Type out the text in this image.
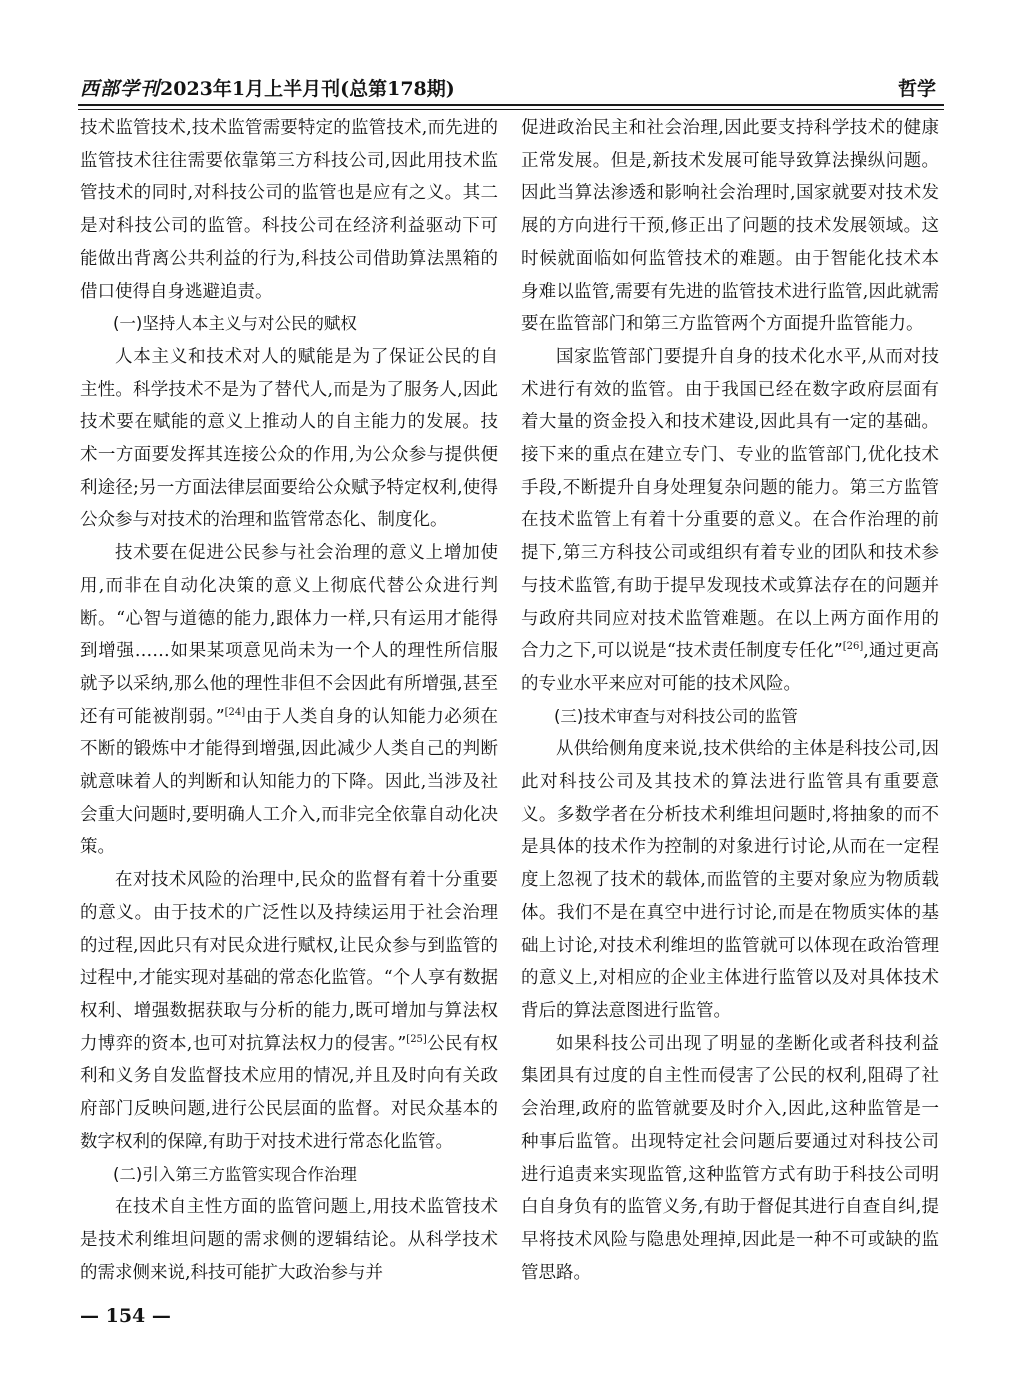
西部学刊2023年1月上半月刊(总第178期)	哲学

技术监管技术,技术监管需要特定的监管技术,而先进的监管技术往往需要依靠第三方科技公司,因此用技术监管技术的同时,对科技公司的监管也是应有之义。其二是对科技公司的监管。科技公司在经济利益驱动下可能做出背离公共利益的行为,科技公司借助算法黑箱的借口使得自身逃避追责。

(一)坚持人本主义与对公民的赋权

人本主义和技术对人的赋能是为了保证公民的自主性。科学技术不是为了替代人,而是为了服务人,因此技术要在赋能的意义上推动人的自主能力的发展。技术一方面要发挥其连接公众的作用,为公众参与提供便利途径;另一方面法律层面要给公众赋予特定权利,使得公众参与对技术的治理和监管常态化、制度化。

技术要在促进公民参与社会治理的意义上增加使用,而非在自动化决策的意义上彻底代替公众进行判断。“心智与道德的能力,跟体力一样,只有运用才能得到增强……如果某项意见尚未为一个人的理性所信服就予以采纳,那么他的理性非但不会因此有所增强,甚至还有可能被削弱。”[24]由于人类自身的认知能力必须在不断的锻炼中才能得到增强,因此减少人类自己的判断就意味着人的判断和认知能力的下降。因此,当涉及社会重大问题时,要明确人工介入,而非完全依靠自动化决策。

在对技术风险的治理中,民众的监督有着十分重要的意义。由于技术的广泛性以及持续运用于社会治理的过程,因此只有对民众进行赋权,让民众参与到监管的过程中,才能实现对基础的常态化监管。“个人享有数据权利、增强数据获取与分析的能力,既可增加与算法权力博弈的资本,也可对抗算法权力的侵害。”[25]公民有权利和义务自发监督技术应用的情况,并且及时向有关政府部门反映问题,进行公民层面的监督。对民众基本的数字权利的保障,有助于对技术进行常态化监管。

(二)引入第三方监管实现合作治理

在技术自主性方面的监管问题上,用技术监管技术是技术利维坦问题的需求侧的逻辑结论。从科学技术的需求侧来说,科技可能扩大政治参与并

促进政治民主和社会治理,因此要支持科学技术的健康正常发展。但是,新技术发展可能导致算法操纵问题。因此当算法渗透和影响社会治理时,国家就要对技术发展的方向进行干预,修正出了问题的技术发展领域。这时候就面临如何监管技术的难题。由于智能化技术本身难以监管,需要有先进的监管技术进行监管,因此就需要在监管部门和第三方监管两个方面提升监管能力。

国家监管部门要提升自身的技术化水平,从而对技术进行有效的监管。由于我国已经在数字政府层面有着大量的资金投入和技术建设,因此具有一定的基础。接下来的重点在建立专门、专业的监管部门,优化技术手段,不断提升自身处理复杂问题的能力。第三方监管在技术监管上有着十分重要的意义。在合作治理的前提下,第三方科技公司或组织有着专业的团队和技术参与技术监管,有助于提早发现技术或算法存在的问题并与政府共同应对技术监管难题。在以上两方面作用的合力之下,可以说是“技术责任制度专任化”[26],通过更高的专业水平来应对可能的技术风险。

(三)技术审查与对科技公司的监管

从供给侧角度来说,技术供给的主体是科技公司,因此对科技公司及其技术的算法进行监管具有重要意义。多数学者在分析技术利维坦问题时,将抽象的而不是具体的技术作为控制的对象进行讨论,从而在一定程度上忽视了技术的载体,而监管的主要对象应为物质载体。我们不是在真空中进行讨论,而是在物质实体的基础上讨论,对技术利维坦的监管就可以体现在政治管理的意义上,对相应的企业主体进行监管以及对具体技术背后的算法意图进行监管。

如果科技公司出现了明显的垄断化或者科技利益集团具有过度的自主性而侵害了公民的权利,阻碍了社会治理,政府的监管就要及时介入,因此,这种监管是一种事后监管。出现特定社会问题后要通过对科技公司进行追责来实现监管,这种监管方式有助于科技公司明白自身负有的监管义务,有助于督促其进行自查自纠,提早将技术风险与隐患处理掉,因此是一种不可或缺的监管思路。

— 154 —
